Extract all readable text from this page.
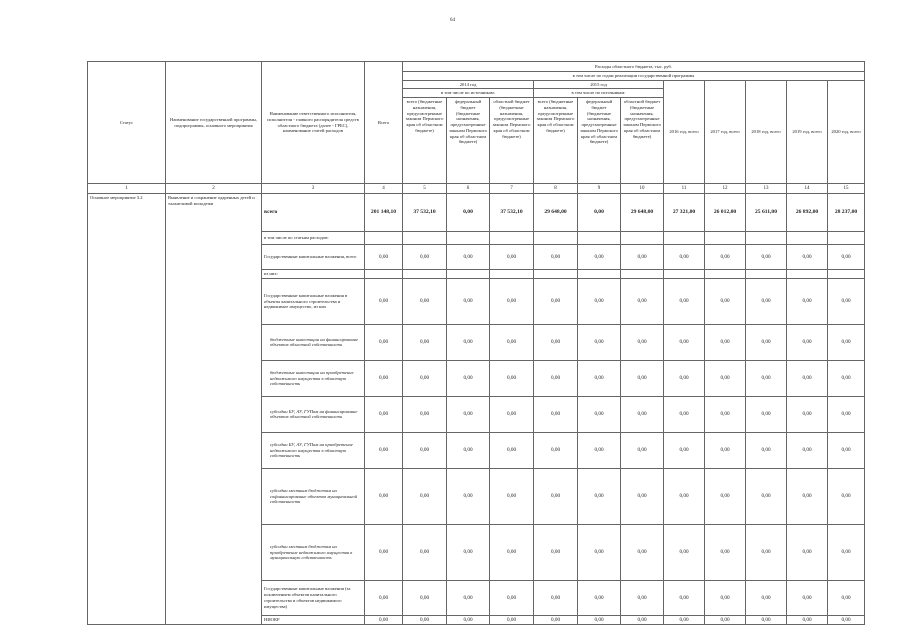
64
Статус	Наименование государственной программы, подпрограммы, основного мероприятия	Наименование ответственного исполнителя, исполнителя - главного распорядителя средств областного бюджета (далее - ГРБС), наименование статей расходов	Всего	Расходы областного бюджета, тыс. руб.										
				в том числе по годам реализации государственной программы										
				2014 год			2015 год			2016 год, всего	2017 год, всего	2018 год, всего	2019 год, всего	2020 год, всего
				в том числе по источникам:			в том числе по источникам:							
				всего (бюджетные назначения, предусмотренные законом Пермского края об областном бюджете)	федеральный бюджет (бюджетные назначения, предусмотренные законом Пермского края об областном бюджете)	областной бюджет (бюджетные назначения, предусмотренные законом Пермского края об областном бюджете)	всего (бюджетные назначения, предусмотренные законом Пермского края об областном бюджете)	федеральный бюджет (бюджетные назначения, предусмотренные законом Пермского края об областном бюджете)	областной бюджет (бюджетные назначения, предусмотренные законом Пермского края об областном бюджете)					
1	2	3	4	5	6	7	8	9	10	11	12	13	14	15
Основное мероприятие 3.2	Выявление и сохранение одаренных детей и талантливой молодежи	всего	201 148,10	37 532,10	0,00	37 532,10	29 648,00	0,00	29 648,00	27 321,00	26 012,00	25 611,00	26 892,00	28 237,00
		в том числе по статьям расходов:												
		Государственные капитальные вложения, всего	0,00	0,00	0,00	0,00	0,00	0,00	0,00	0,00	0,00	0,00	0,00	0,00
		из них:												
		Государственные капитальные вложения в объекты капитального строительства и недвижимое имущество, из них	0,00	0,00	0,00	0,00	0,00	0,00	0,00	0,00	0,00	0,00	0,00	0,00
		бюджетные инвестиции на финансирование объектов областной собственности	0,00	0,00	0,00	0,00	0,00	0,00	0,00	0,00	0,00	0,00	0,00	0,00
		бюджетные инвестиции на приобретение недвижимого имущества в областную собственность	0,00	0,00	0,00	0,00	0,00	0,00	0,00	0,00	0,00	0,00	0,00	0,00
		субсидии БУ, АУ, ГУПам на финансирование объектов областной собственности	0,00	0,00	0,00	0,00	0,00	0,00	0,00	0,00	0,00	0,00	0,00	0,00
		субсидии БУ, АУ, ГУПам на приобретение недвижимого имущества в областную собственность	0,00	0,00	0,00	0,00	0,00	0,00	0,00	0,00	0,00	0,00	0,00	0,00
		субсидии местным бюджетам на софинансирование объектов муниципальной собственности	0,00	0,00	0,00	0,00	0,00	0,00	0,00	0,00	0,00	0,00	0,00	0,00
		субсидии местным бюджетам на приобретение недвижимого имущества в муниципальную собственность	0,00	0,00	0,00	0,00	0,00	0,00	0,00	0,00	0,00	0,00	0,00	0,00
		Государственные капитальные вложения (за исключением объектов капитального строительства и объектов недвижимого имущества)	0,00	0,00	0,00	0,00	0,00	0,00	0,00	0,00	0,00	0,00	0,00	0,00
		НИОКР	0,00	0,00	0,00	0,00	0,00	0,00	0,00	0,00	0,00	0,00	0,00	0,00
